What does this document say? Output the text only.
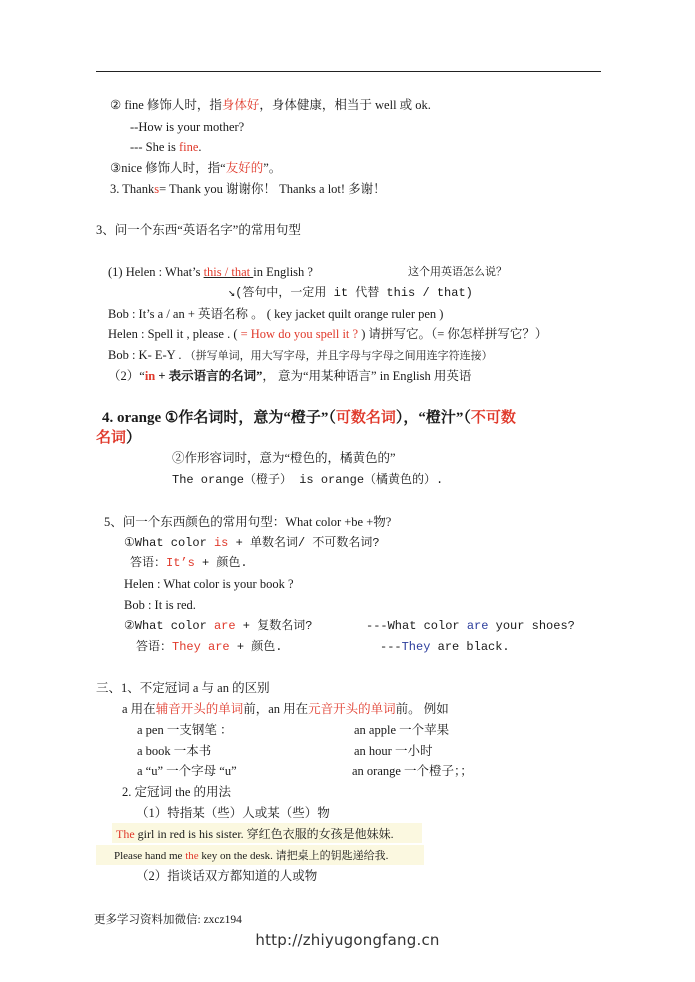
② fine 修饰人时，指身体好，身体健康，相当于 well 或 ok.
--How is your mother?
--- She is fine.
③nice 修饰人时，指“友好的”。
3. Thanks= Thank you 谢谢你！ Thanks a lot! 多谢！
3、问一个东西“英语名字”的常用句型
(1) Helen : What’s this / that in English ?	这个用英语怎么说？
↘(答句中，一定用 it 代替 this / that)
Bob : It’s a / an + 英语名称 。 ( key jacket quilt orange ruler pen )
Helen : Spell it , please . ( = How do you spell it ? ) 请拼写它。（= 你怎样拼写它？）
Bob : K- E-Y . （拼写单词，用大写字母，并且字母与字母之间用连字符连接）
（2）“in + 表示语言的名词”， 意为“用某种语言” in English 用英语
4. orange ①作名词时，意为“橙子”（可数名词），“橙汁”（不可数
名词）
②作形容词时，意为“橙色的，橘黄色的”
The orange（橙子） is orange（橘黄色的）.
5、问一个东西颜色的常用句型：What color +be +物?
①What color is + 单数名词/ 不可数名词?
答语：It’s + 颜色.
Helen : What color is your book ?
Bob : It is red.
②What color are + 复数名词?	---What color are your shoes?
答语：They are + 颜色.	---They are black.
三、1、不定冠词 a 与 an 的区别
a 用在辅音开头的单词前，an 用在元音开头的单词前。 例如
a pen 一支钢笔 ：	an apple 一个苹果
a book 一本书	an hour 一小时
a “u” 一个字母 “u”	an orange 一个橙子；；
2. 定冠词 the 的用法
（1）特指某（些）人或某（些）物
The girl in red is his sister. 穿红色衣服的女孩是他妹妹.
Please hand me the key on the desk. 请把桌上的钥匙递给我.
（2）指谈话双方都知道的人或物
更多学习资料加微信: zxcz194
http://zhiyugongfang.cn
